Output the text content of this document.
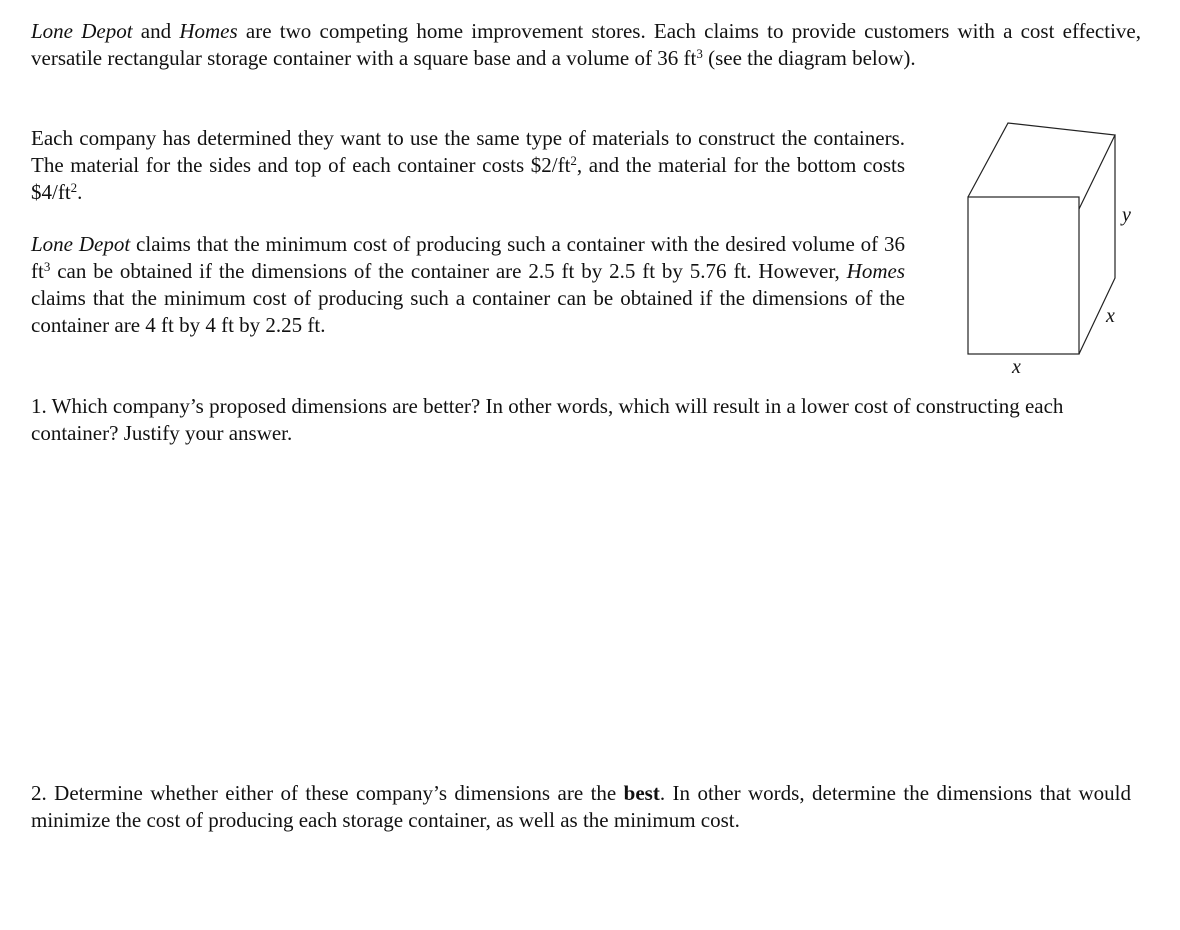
Lone Depot and Homes are two competing home improvement stores. Each claims to provide customers with a cost effective, versatile rectangular storage container with a square base and a volume of 36 $ft^3$ (see the diagram below).

Each company has determined they want to use the same type of materials to construct the containers. The material for the sides and top of each container costs $\$2/ft^2$, and the material for the bottom costs $\$4/ft^2$.

Lone Depot claims that the minimum cost of producing such a container with the desired volume of 36 $ft^3$ can be obtained if the dimensions of the container are 2.5 ft by 2.5 ft by 5.76 ft. However, Homes claims that the minimum cost of producing such a container can be obtained if the dimensions of the container are 4 ft by 4 ft by 2.25 ft.

y
x
x

1. Which company’s proposed dimensions are better? In other words, which will result in a lower cost of constructing each container? Justify your answer.

2. Determine whether either of these company’s dimensions are the best. In other words, determine the dimensions that would minimize the cost of producing each storage container, as well as the minimum cost.
